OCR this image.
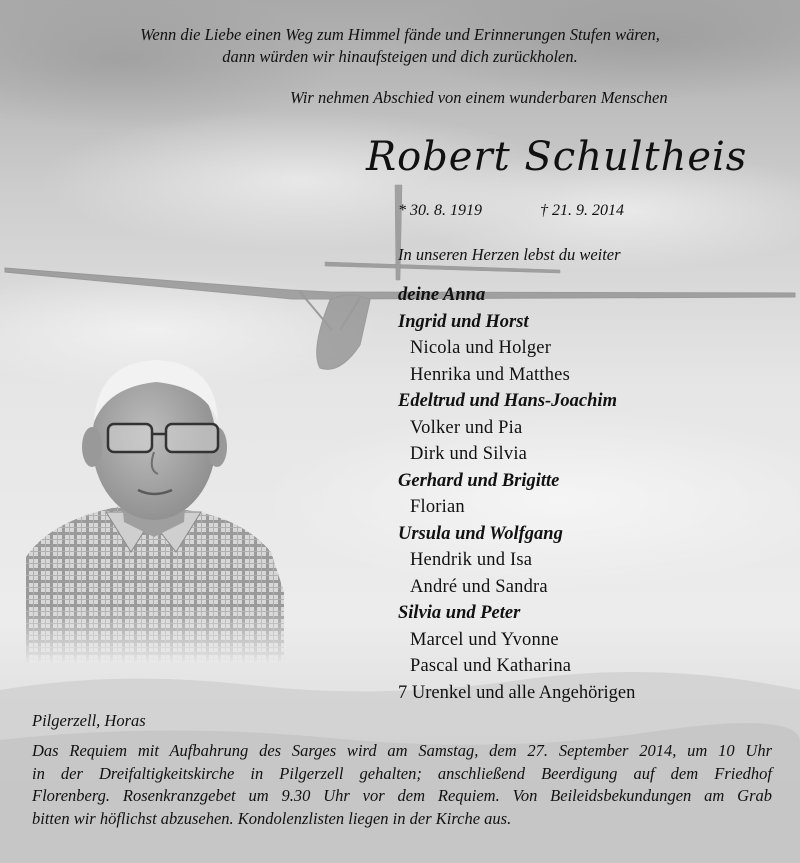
Wenn die Liebe einen Weg zum Himmel fände und Erinnerungen Stufen wären,
dann würden wir hinaufsteigen und dich zurückholen.
Wir nehmen Abschied von einem wunderbaren Menschen
Robert Schultheis
* 30. 8. 1919	† 21. 9. 2014
In unseren Herzen lebst du weiter
deine Anna
Ingrid und Horst
Nicola und Holger
Henrika und Matthes
Edeltrud und Hans-Joachim
Volker und Pia
Dirk und Silvia
Gerhard und Brigitte
Florian
Ursula und Wolfgang
Hendrik und Isa
André und Sandra
Silvia und Peter
Marcel und Yvonne
Pascal und Katharina
7 Urenkel und alle Angehörigen
Pilgerzell, Horas
Das Requiem mit Aufbahrung des Sarges wird am Samstag, dem 27. September 2014, um 10 Uhr
in der Dreifaltigkeitskirche in Pilgerzell gehalten; anschließend Beerdigung auf dem Friedhof
Florenberg. Rosenkranzgebet um 9.30 Uhr vor dem Requiem. Von Beileidsbekundungen am Grab
bitten wir höflichst abzusehen. Kondolenzlisten liegen in der Kirche aus.
